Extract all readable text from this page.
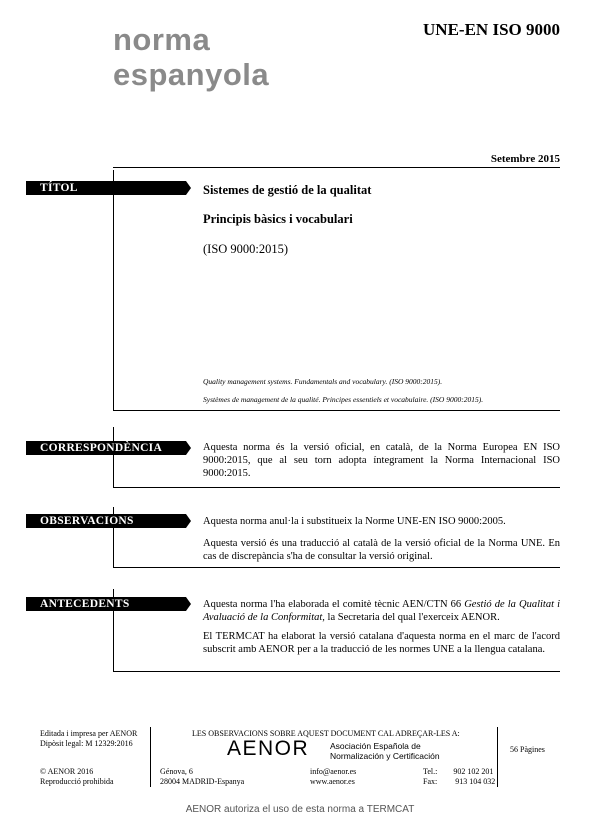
norma
espanyola
UNE-EN ISO 9000
Setembre 2015
TÍTOL	Sistemes de gestió de la qualitat
Principis bàsics i vocabulari
(ISO 9000:2015)
Quality management systems. Fundamentals and vocabulary. (ISO 9000:2015).
Systèmes de management de la qualité. Principes essentiels et vocabulaire. (ISO 9000:2015).
CORRESPONDÈNCIA	Aquesta norma és la versió oficial, en català, de la Norma Europea EN ISO 9000:2015, que al seu torn adopta íntegrament la Norma Internacional ISO 9000:2015.
OBSERVACIONS	Aquesta norma anul·la i substitueix la Norme UNE-EN ISO 9000:2005.
Aquesta versió és una traducció al català de la versió oficial de la Norma UNE. En cas de discrepància s'ha de consultar la versió original.
ANTECEDENTS	Aquesta norma l'ha elaborada el comitè tècnic AEN/CTN 66 Gestió de la Qualitat i Avaluació de la Conformitat, la Secretaria del qual l'exerceix AENOR.
El TERMCAT ha elaborat la versió catalana d'aquesta norma en el marc de l'acord subscrit amb AENOR per a la traducció de les normes UNE a la llengua catalana.
Editada i impresa per AENOR
Dipòsit legal: M 12329:2016
LES OBSERVACIONS SOBRE AQUEST DOCUMENT CAL ADREÇAR-LES A:
AENOR Asociación Española de
Normalización y Certificación
56 Pàgines
© AENOR 2016
Reproducció prohibida
Génova, 6
28004 MADRID-Espanya
info@aenor.es
www.aenor.es
Tel.: 902 102 201
Fax: 913 104 032
AENOR autoriza el uso de esta norma a TERMCAT
